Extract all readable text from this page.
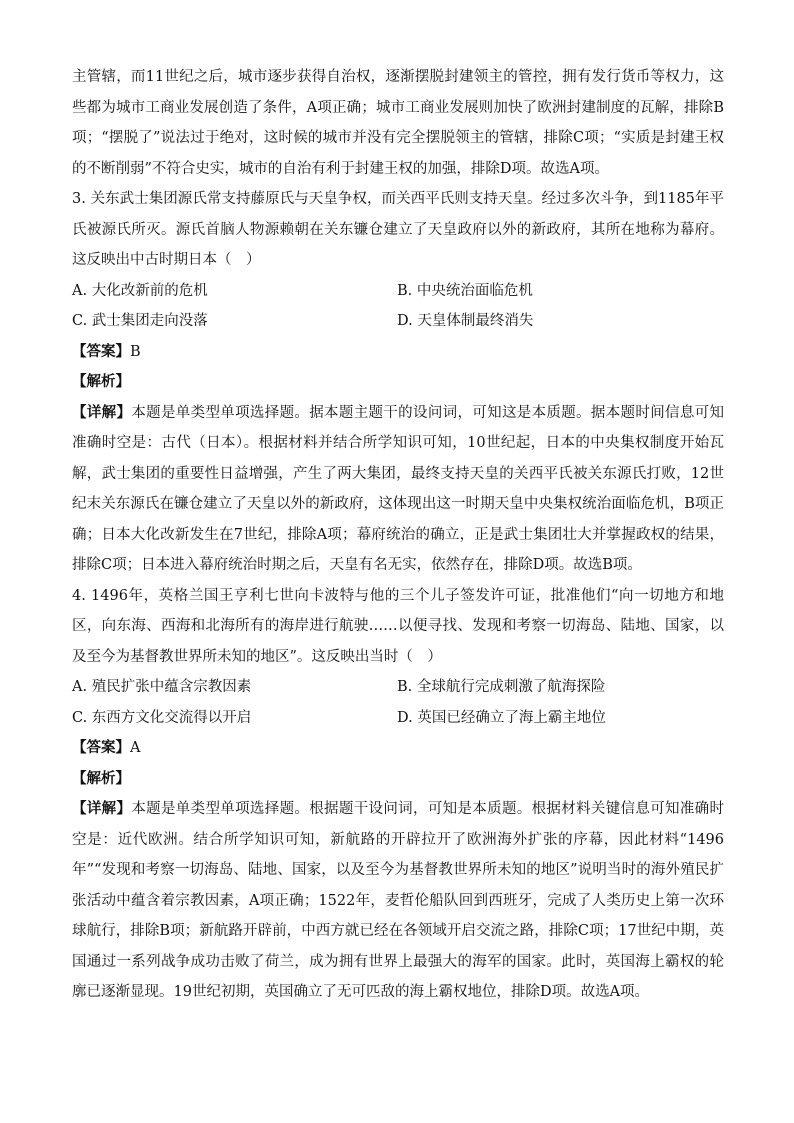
主管辖，而11世纪之后，城市逐步获得自治权，逐渐摆脱封建领主的管控，拥有发行货币等权力，这些都为城市工商业发展创造了条件，A项正确；城市工商业发展则加快了欧洲封建制度的瓦解，排除B项；“摆脱了”说法过于绝对，这时候的城市并没有完全摆脱领主的管辖，排除C项；“实质是封建王权的不断削弱”不符合史实，城市的自治有利于封建王权的加强，排除D项。故选A项。

3. 关东武士集团源氏常支持藤原氏与天皇争权，而关西平氏则支持天皇。经过多次斗争，到1185年平氏被源氏所灭。源氏首脑人物源赖朝在关东镰仓建立了天皇政府以外的新政府，其所在地称为幕府。这反映出中古时期日本（　）

A. 大化改新前的危机	B. 中央统治面临危机
C. 武士集团走向没落	D. 天皇体制最终消失

【答案】B

【解析】

【详解】本题是单类型单项选择题。据本题主题干的设问词，可知这是本质题。据本题时间信息可知准确时空是：古代（日本）。根据材料并结合所学知识可知，10世纪起，日本的中央集权制度开始瓦解，武士集团的重要性日益增强，产生了两大集团，最终支持天皇的关西平氏被关东源氏打败，12世纪末关东源氏在镰仓建立了天皇以外的新政府，这体现出这一时期天皇中央集权统治面临危机，B项正确；日本大化改新发生在7世纪，排除A项；幕府统治的确立，正是武士集团壮大并掌握政权的结果，排除C项；日本进入幕府统治时期之后，天皇有名无实，依然存在，排除D项。故选B项。

4. 1496年，英格兰国王亨利七世向卡波特与他的三个儿子签发许可证，批准他们“向一切地方和地区，向东海、西海和北海所有的海岸进行航驶……以便寻找、发现和考察一切海岛、陆地、国家，以及至今为基督教世界所未知的地区”。这反映出当时（　）

A. 殖民扩张中蕴含宗教因素	B. 全球航行完成刺激了航海探险
C. 东西方文化交流得以开启	D. 英国已经确立了海上霸主地位

【答案】A

【解析】

【详解】本题是单类型单项选择题。根据题干设问词，可知是本质题。根据材料关键信息可知准确时空是：近代欧洲。结合所学知识可知，新航路的开辟拉开了欧洲海外扩张的序幕，因此材料“1496年”“发现和考察一切海岛、陆地、国家，以及至今为基督教世界所未知的地区”说明当时的海外殖民扩张活动中蕴含着宗教因素，A项正确；1522年，麦哲伦船队回到西班牙，完成了人类历史上第一次环球航行，排除B项；新航路开辟前，中西方就已经在各领域开启交流之路，排除C项；17世纪中期，英国通过一系列战争成功击败了荷兰，成为拥有世界上最强大的海军的国家。此时，英国海上霸权的轮廓已逐渐显现。19世纪初期，英国确立了无可匹敌的海上霸权地位，排除D项。故选A项。
